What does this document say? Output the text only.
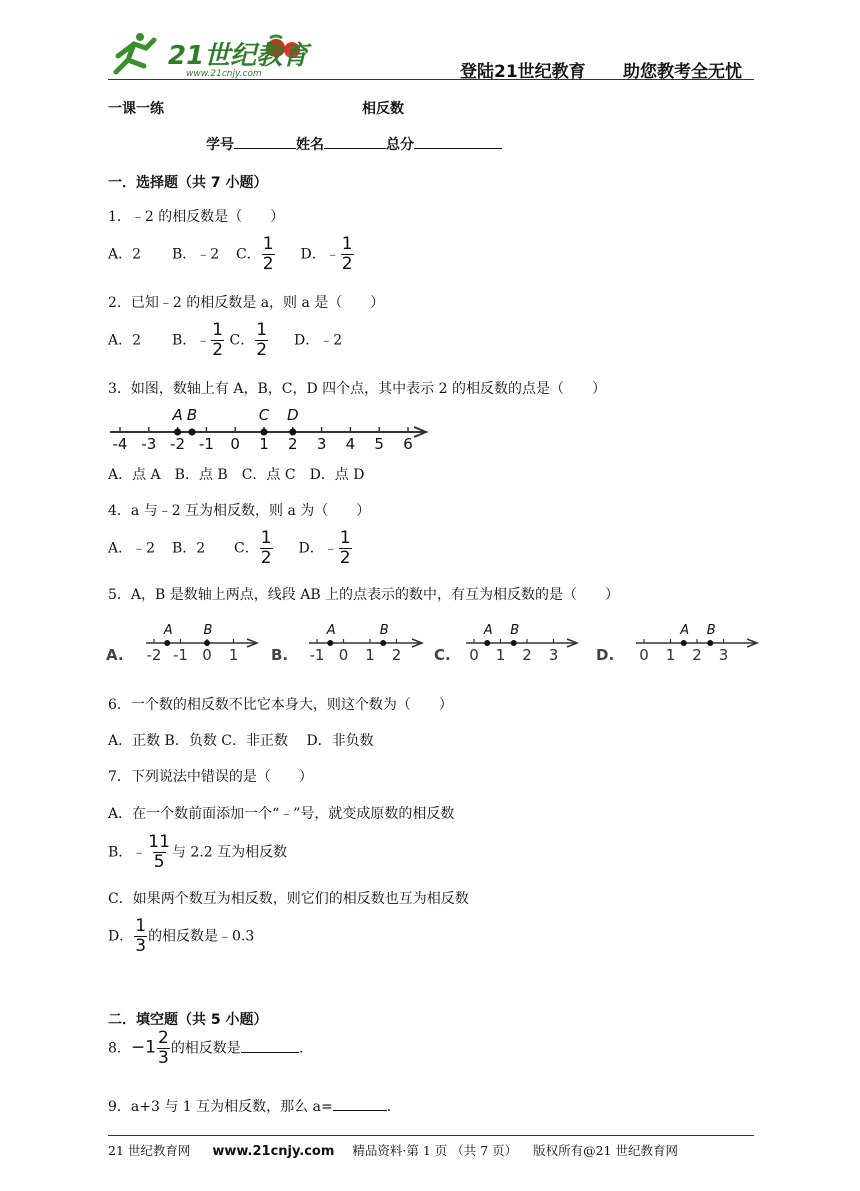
21世纪教育
www.21cnjy.com	登陆21世纪教育 助您教考全无忧
一课一练	相反数
学号	姓名	总分
一．选择题（共 7 小题）
1．﹣2 的相反数是（　　）
A．2 B．﹣2 C． $\frac{1}{2}$ D．﹣ $\frac{1}{2}$
2．已知﹣2 的相反数是 a，则 a 是（　　）
A．2 B．﹣ $\frac{1}{2}$ C． $\frac{1}{2}$ D．﹣2
3．如图，数轴上有 A，B，C，D 四个点，其中表示 2 的相反数的点是（　　）
-4 -3 -2 -1 0 1 2 3 4 5 6
A B	C D
A．点 A　B．点 B　C．点 C　D．点 D
4．a 与﹣2 互为相反数，则 a 为（　　）
A．﹣2 B．2 C． $\frac{1}{2}$ D．﹣ $\frac{1}{2}$
5．A，B 是数轴上两点，线段 AB 上的点表示的数中，有互为相反数的是（　　）
A. -2 -1 0 1
A B
B. -1 0 1 2
A	B
C. 0 1 2 3
A B
D. 0 1 2 3
A B
6．一个数的相反数不比它本身大，则这个数为（　　）
A．正数 B．负数 C．非正数　 D．非负数
7．下列说法中错误的是（　　）
A．在一个数前面添加一个“﹣”号，就变成原数的相反数
B．﹣ $\frac{11}{5}$ 与 2.2 互为相反数
C．如果两个数互为相反数，则它们的相反数也互为相反数
D． $\frac{1}{3}$ 的相反数是﹣0.3
二．填空题（共 5 小题）
8．$-1 \frac{2}{3}$ 的相反数是	.
9．a+3 与 1 互为相反数，那么 a=	.
21 世纪教育网 www.21cnjy.com 精品资料·第 1 页 （共 7 页） 版权所有@21 世纪教育网
